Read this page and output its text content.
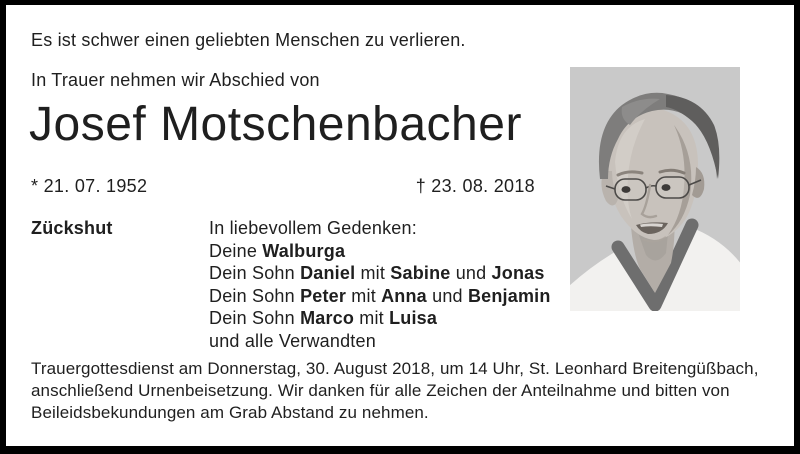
Es ist schwer einen geliebten Menschen zu verlieren.
In Trauer nehmen wir Abschied von
Josef Motschenbacher
* 21. 07. 1952	† 23. 08. 2018
Zückshut	In liebevollem Gedenken:
Deine Walburga
Dein Sohn Daniel mit Sabine und Jonas
Dein Sohn Peter mit Anna und Benjamin
Dein Sohn Marco mit Luisa
und alle Verwandten
Trauergottesdienst am Donnerstag, 30. August 2018, um 14 Uhr, St. Leonhard Breitengüßbach,
anschließend Urnenbeisetzung. Wir danken für alle Zeichen der Anteilnahme und bitten von
Beileidsbekundungen am Grab Abstand zu nehmen.
